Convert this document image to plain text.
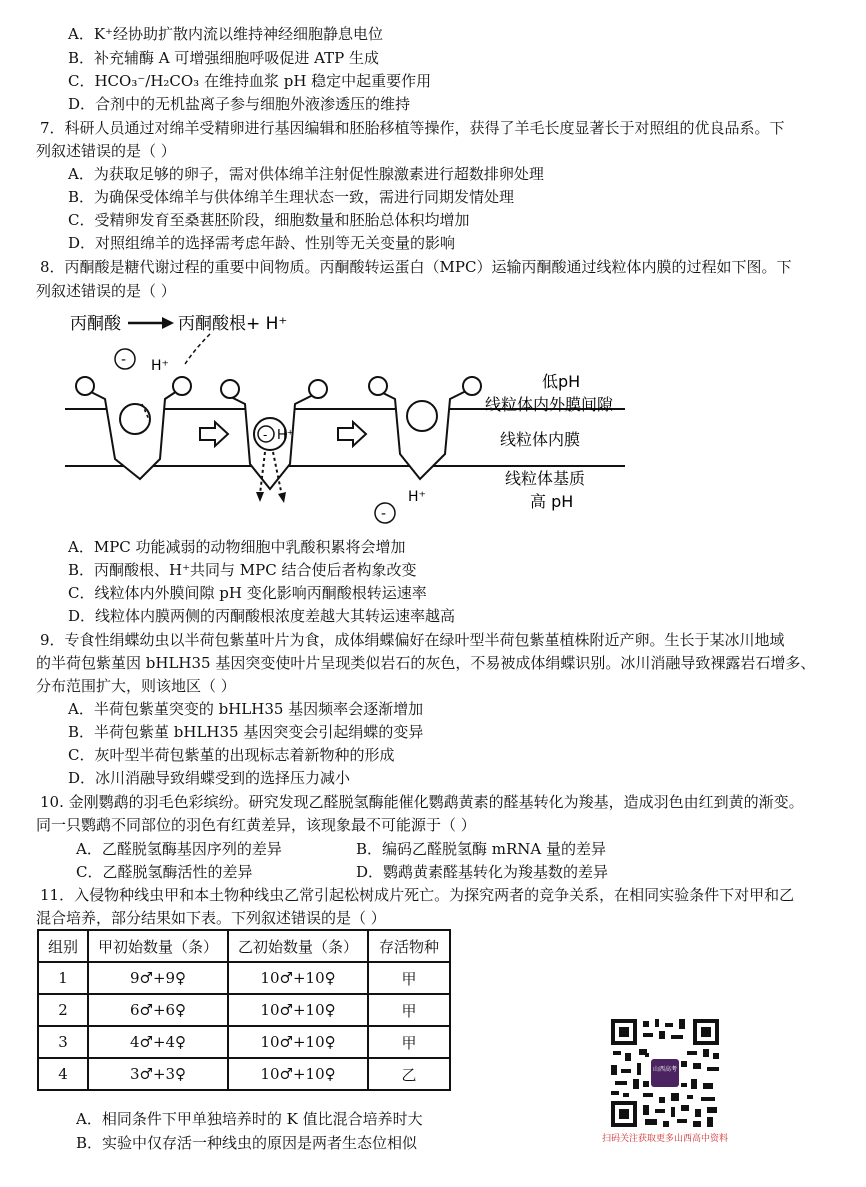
A．K⁺经协助扩散内流以维持神经细胞静息电位
B．补充辅酶 A 可增强细胞呼吸促进 ATP 生成
C．HCO₃⁻/H₂CO₃ 在维持血浆 pH 稳定中起重要作用
D．合剂中的无机盐离子参与细胞外液渗透压的维持
7．科研人员通过对绵羊受精卵进行基因编辑和胚胎移植等操作，获得了羊毛长度显著长于对照组的优良品系。下
列叙述错误的是（ ）
A．为获取足够的卵子，需对供体绵羊注射促性腺激素进行超数排卵处理
B．为确保受体绵羊与供体绵羊生理状态一致，需进行同期发情处理
C．受精卵发育至桑葚胚阶段，细胞数量和胚胎总体积均增加
D．对照组绵羊的选择需考虑年龄、性别等无关变量的影响
8．丙酮酸是糖代谢过程的重要中间物质。丙酮酸转运蛋白（MPC）运输丙酮酸通过线粒体内膜的过程如下图。下
列叙述错误的是（ ）
丙酮酸	丙酮酸根+ H⁺
- H⁺
- H⁺
H⁺
-
低pH
线粒体内外膜间隙
线粒体内膜
线粒体基质
高 pH
A．MPC 功能减弱的动物细胞中乳酸积累将会增加
B．丙酮酸根、H⁺共同与 MPC 结合使后者构象改变
C．线粒体内外膜间隙 pH 变化影响丙酮酸根转运速率
D．线粒体内膜两侧的丙酮酸根浓度差越大其转运速率越高
9．专食性绢蝶幼虫以半荷包紫堇叶片为食，成体绢蝶偏好在绿叶型半荷包紫堇植株附近产卵。生长于某冰川地域
的半荷包紫堇因 bHLH35 基因突变使叶片呈现类似岩石的灰色，不易被成体绢蝶识别。冰川消融导致裸露岩石增多、
分布范围扩大，则该地区（ ）
A．半荷包紫堇突变的 bHLH35 基因频率会逐渐增加
B．半荷包紫堇 bHLH35 基因突变会引起绢蝶的变异
C．灰叶型半荷包紫堇的出现标志着新物种的形成
D．冰川消融导致绢蝶受到的选择压力减小
10. 金刚鹦鹉的羽毛色彩缤纷。研究发现乙醛脱氢酶能催化鹦鹉黄素的醛基转化为羧基，造成羽色由红到黄的渐变。
同一只鹦鹉不同部位的羽色有红黄差异，该现象最不可能源于（ ）
A．乙醛脱氢酶基因序列的差异	B．编码乙醛脱氢酶 mRNA 量的差异
C．乙醛脱氢酶活性的差异	D．鹦鹉黄素醛基转化为羧基数的差异
11．入侵物种线虫甲和本土物种线虫乙常引起松树成片死亡。为探究两者的竞争关系，在相同实验条件下对甲和乙
混合培养，部分结果如下表。下列叙述错误的是（ ）
组别	甲初始数量（条）	乙初始数量（条）	存活物种
1	9♂+9♀	10♂+10♀	甲
2	6♂+6♀	10♂+10♀	甲
3	4♂+4♀	10♂+10♀	甲
4	3♂+3♀	10♂+10♀	乙
A．相同条件下甲单独培养时的 K 值比混合培养时大
B．实验中仅存活一种线虫的原因是两者生态位相似
山西高考
扫码关注获取更多山西高中资料
